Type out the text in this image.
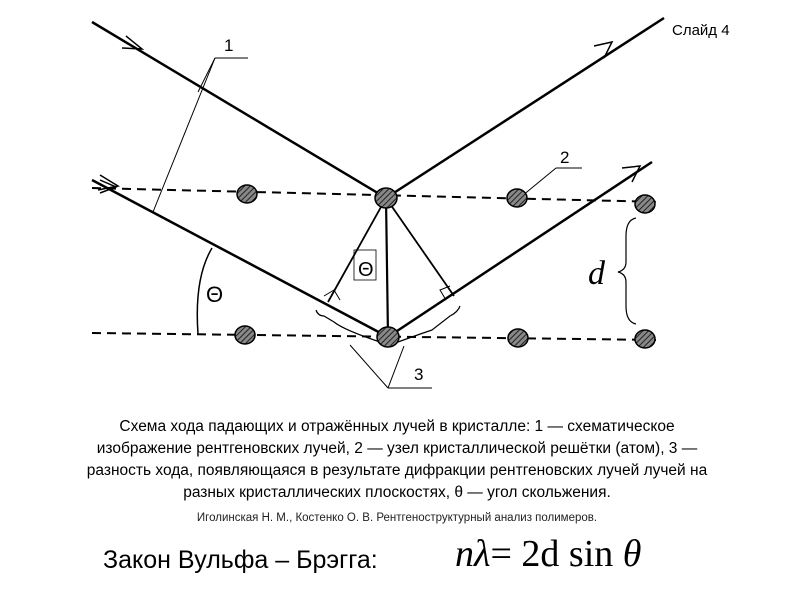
1
2
Θ
3
Θ
d
Слайд 4
Схема хода падающих и отражённых лучей в кристалле: 1 — схематическое
изображение рентгеновских лучей, 2 — узел кристаллической решётки (атом), 3 —
разность хода, появляющаяся в результате дифракции рентгеновских лучей лучей на
разных кристаллических плоскостях, θ — угол скольжения.
Иголинская Н. М., Костенко О. В. Рентгеноструктурный анализ полимеров.
Закон Вульфа – Брэгга: nλ= 2d sin θ
